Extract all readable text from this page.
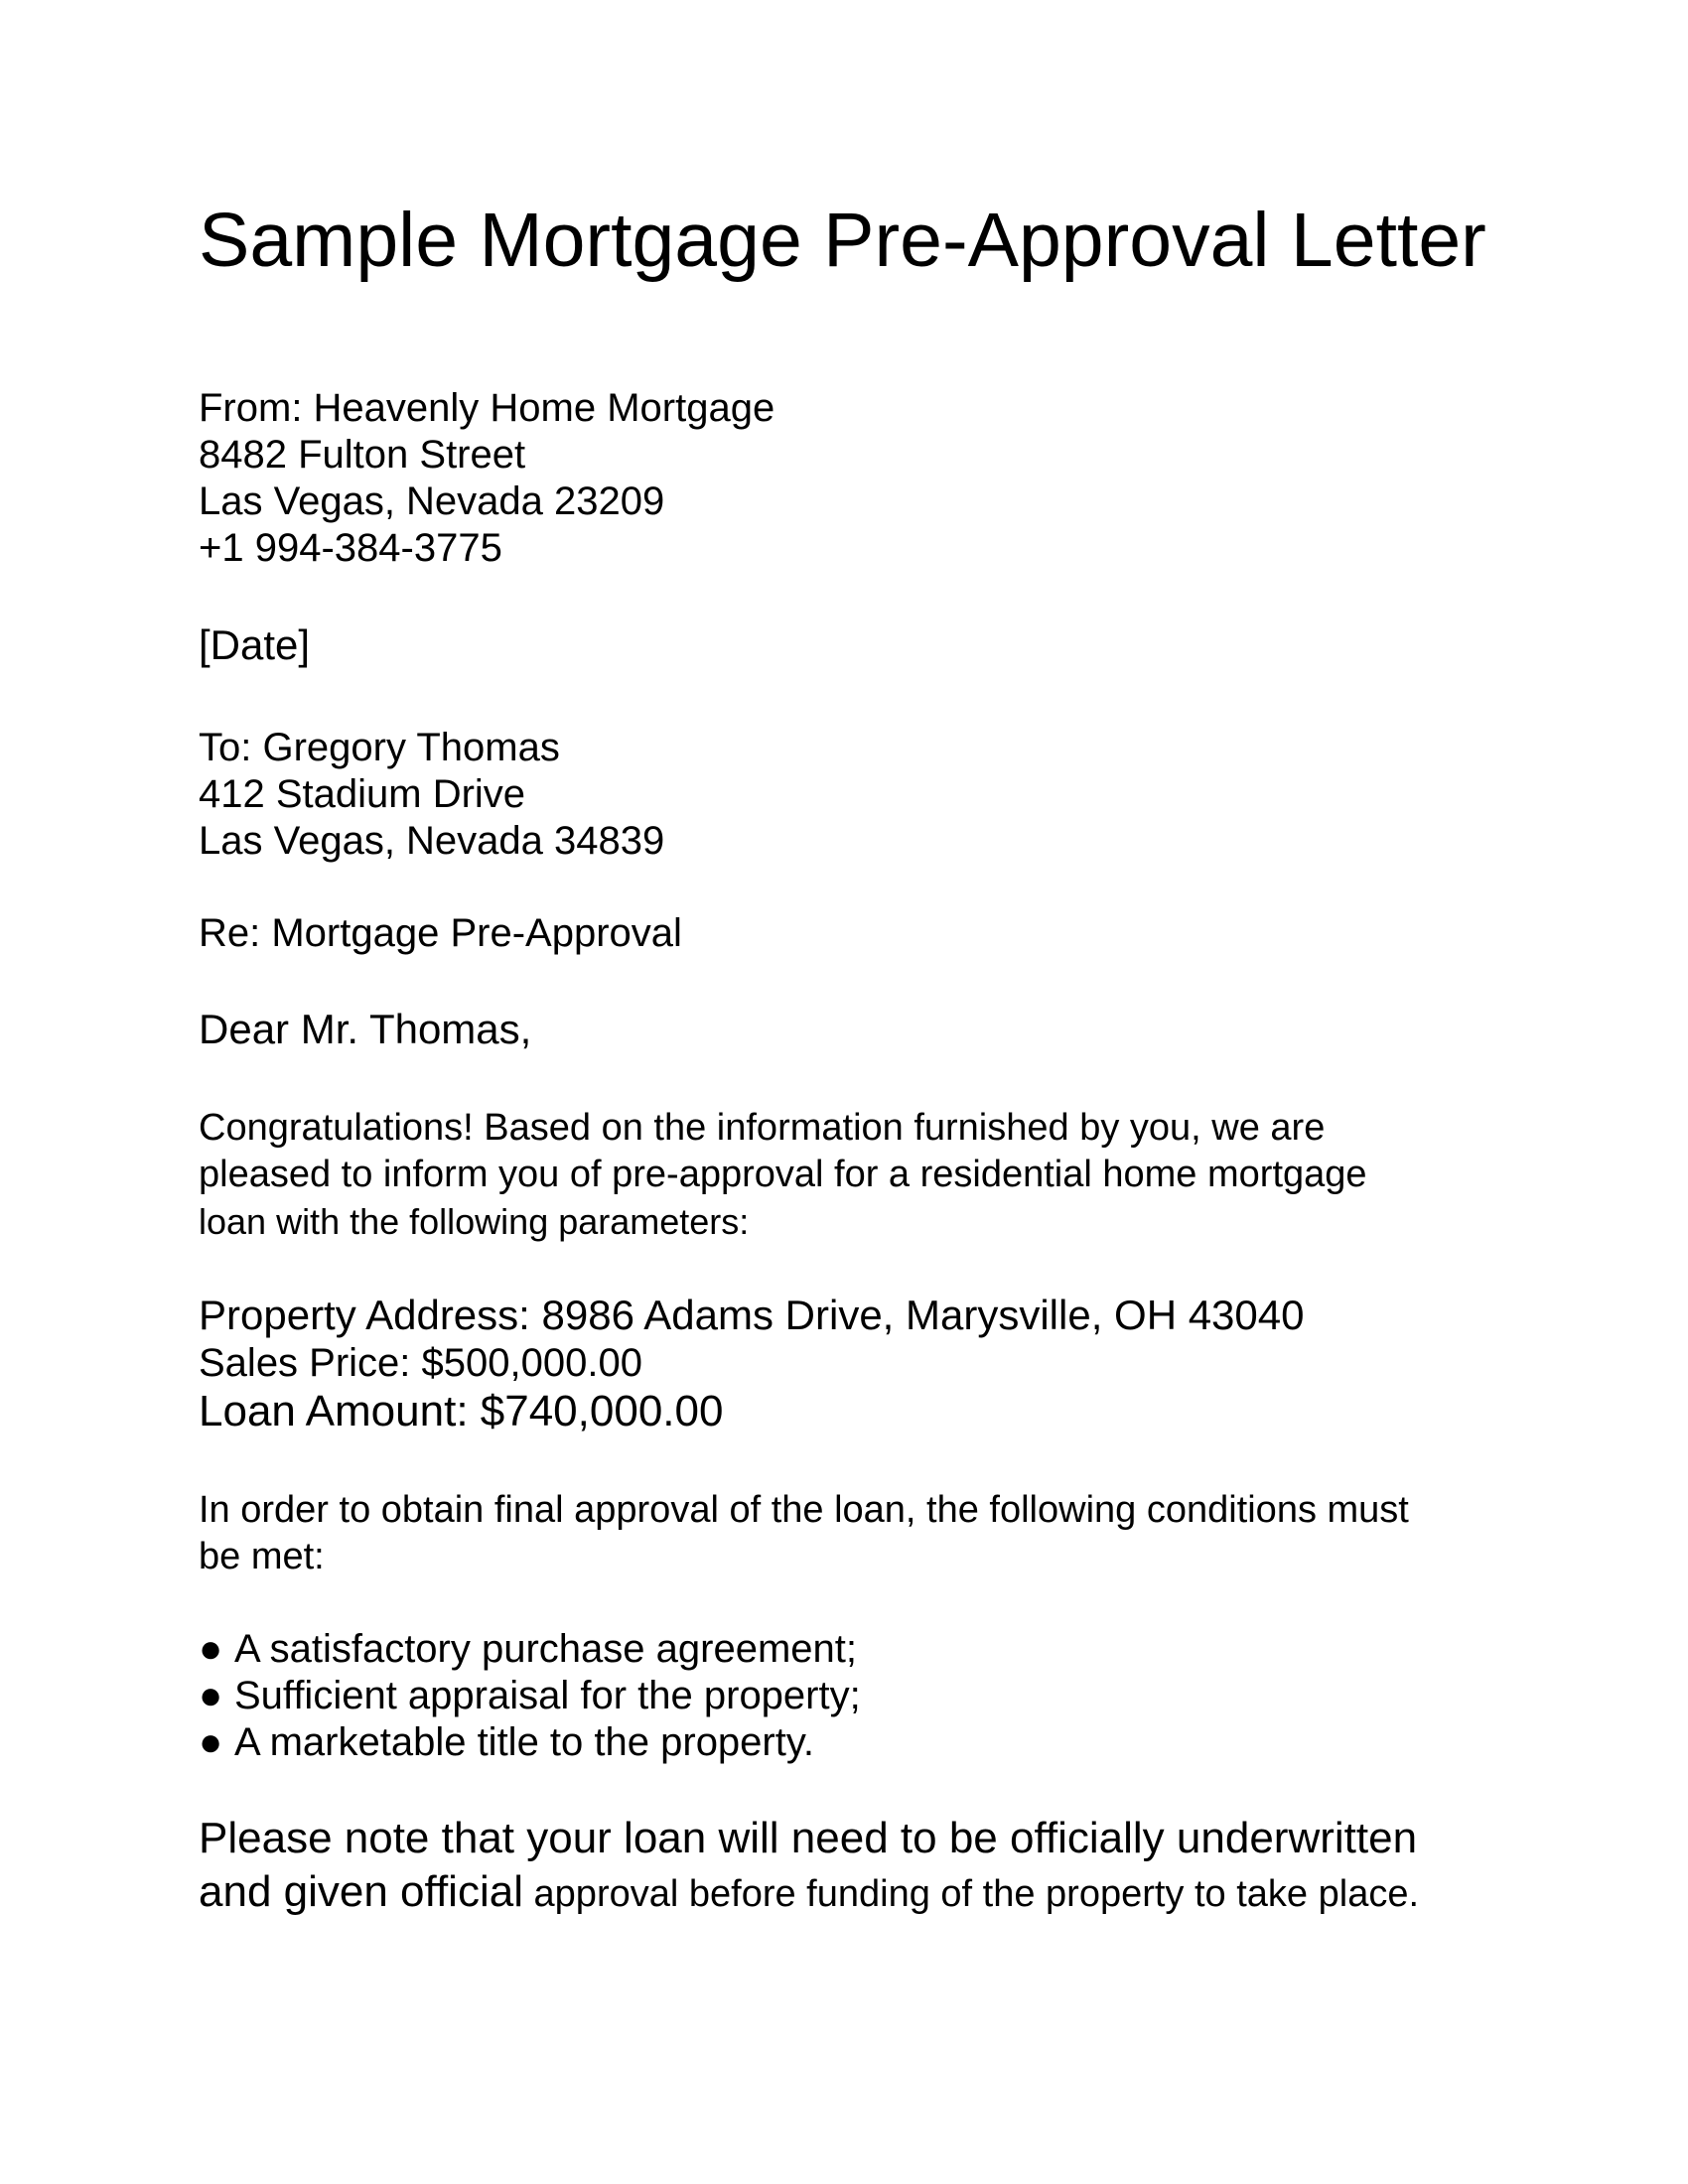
Sample Mortgage Pre-Approval Letter

From: Heavenly Home Mortgage

8482 Fulton Street

Las Vegas, Nevada 23209

+1 994-384-3775

[Date]

To: Gregory Thomas

412 Stadium Drive

Las Vegas, Nevada 34839

Re: Mortgage Pre-Approval

Dear Mr. Thomas,

Congratulations! Based on the information furnished by you, we are

pleased to inform you of pre-approval for a residential home mortgage

loan with the following parameters:

Property Address: 8986 Adams Drive, Marysville, OH 43040

Sales Price: $500,000.00

Loan Amount: $740,000.00

In order to obtain final approval of the loan, the following conditions must

be met:

● A satisfactory purchase agreement;

● Sufficient appraisal for the property;

● A marketable title to the property.

Please note that your loan will need to be officially underwritten

and given official approval before funding of the property to take place.
